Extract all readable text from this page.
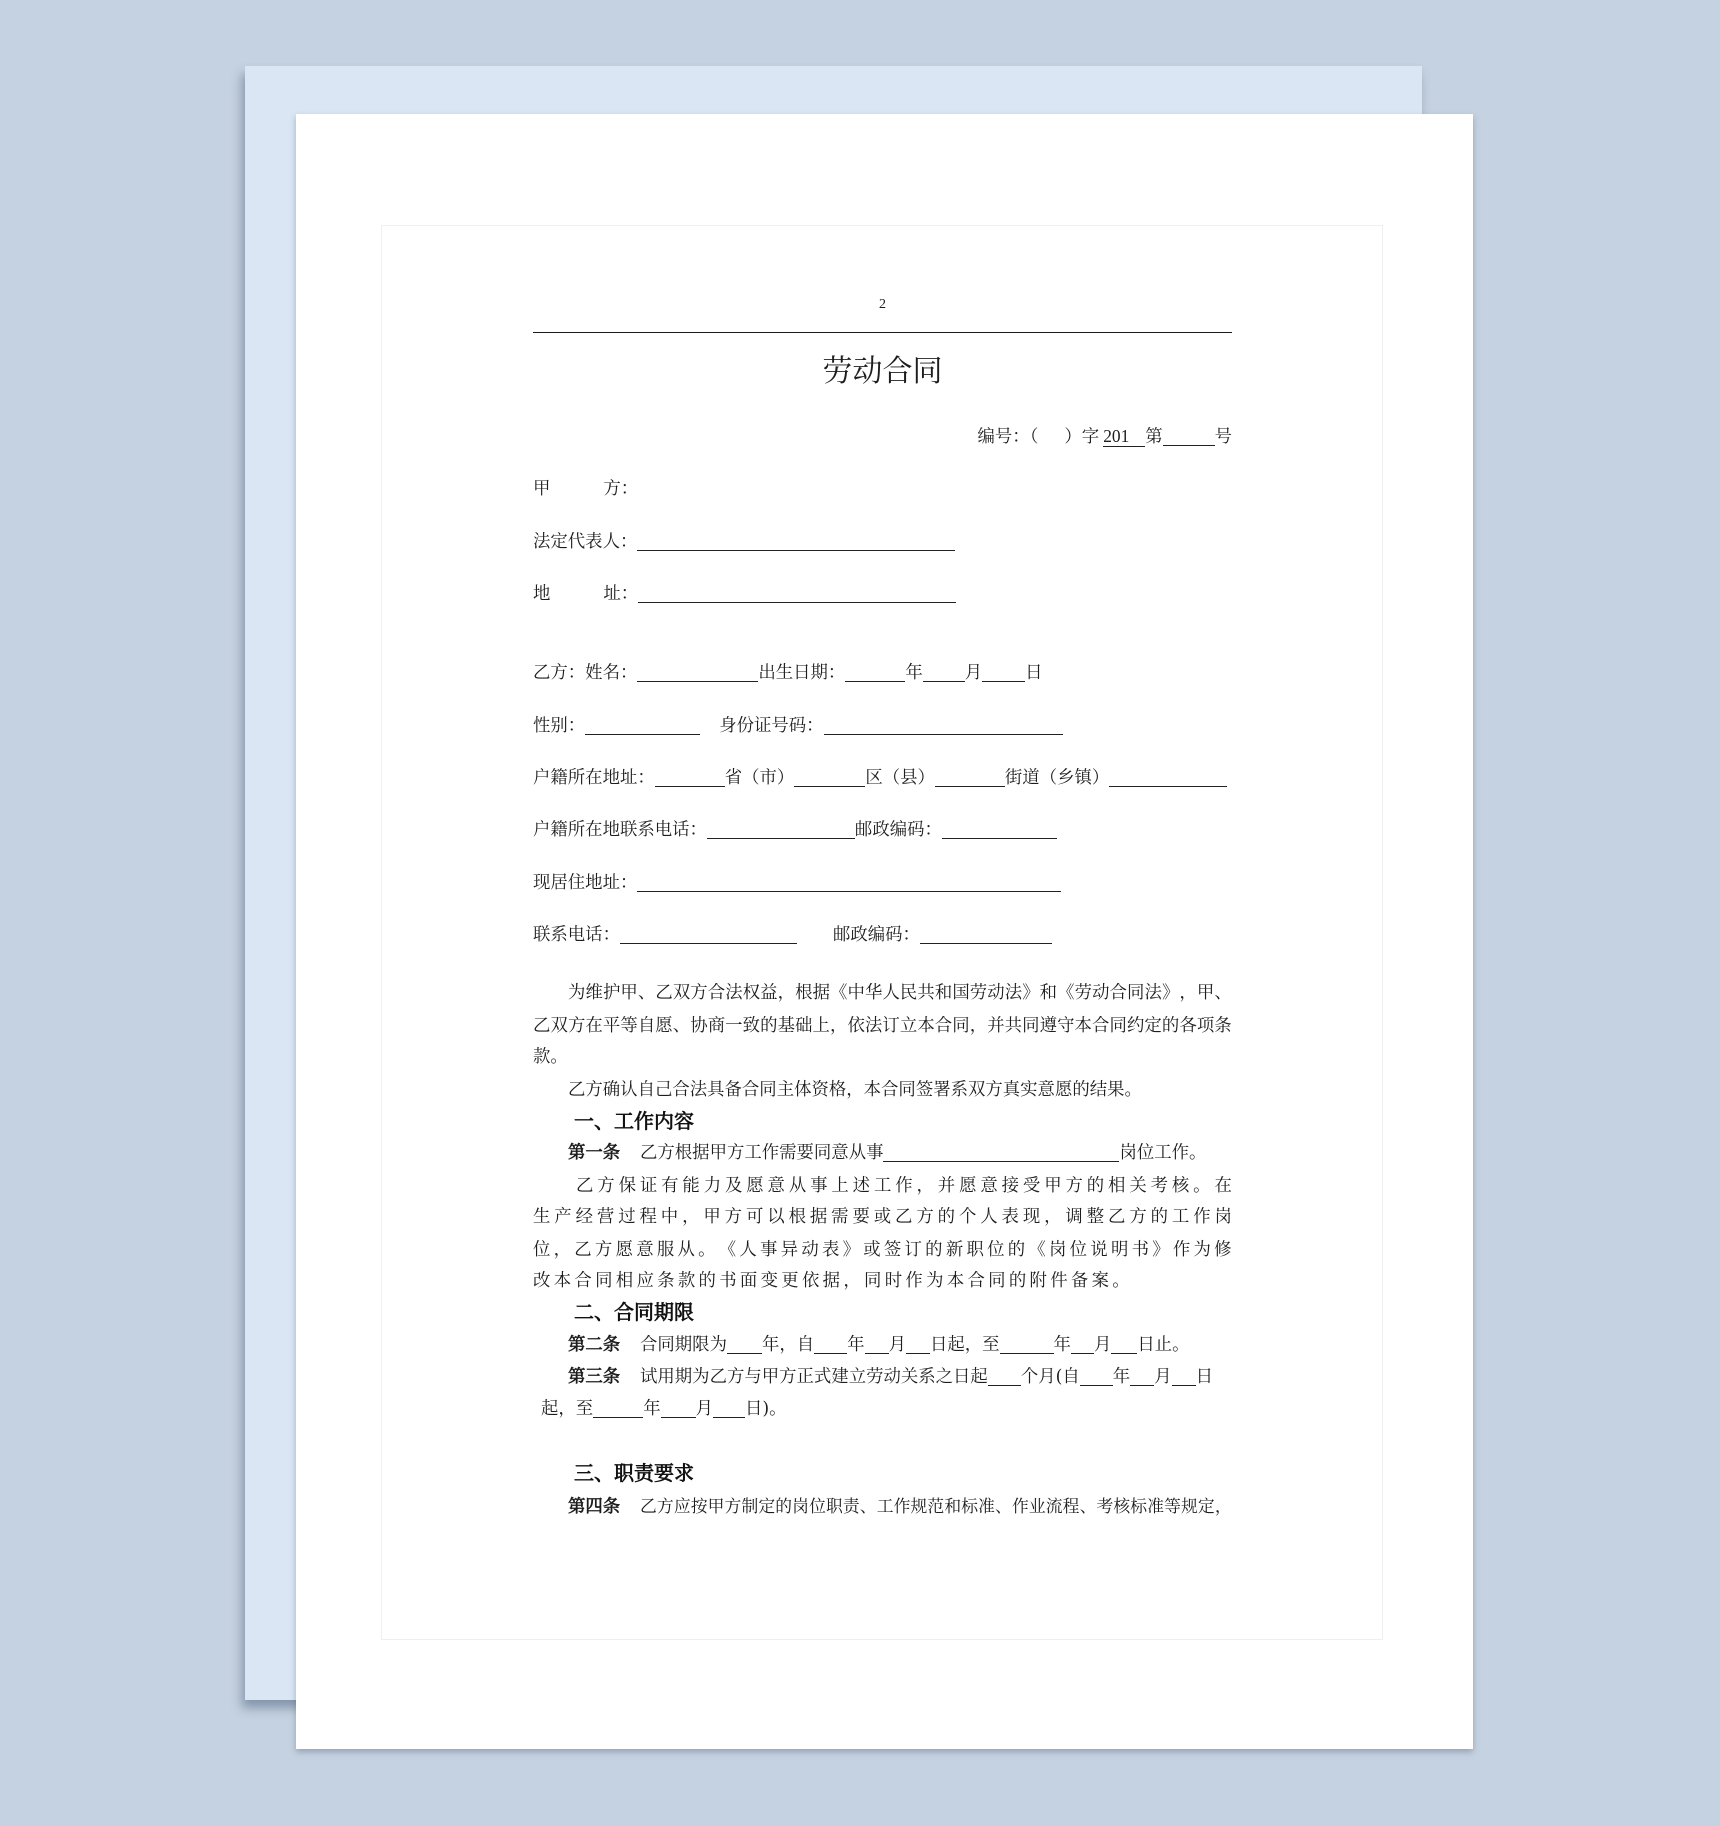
2
劳动合同
编号：（ ）字 201 第	号
甲	方：
法定代表人：
地	址：
乙方：姓名：	出生日期：	年 月 日
性别：	身份证号码：
户籍所在地址：	省（市）	区（县）	街道（乡镇）
户籍所在地联系电话：	邮政编码：
现居住地址：
联系电话：	邮政编码：
为 维 护 甲 、 乙 双 方 合 法 权 益 ， 根 据 《 中 华 人 民 共 和 国 劳 动 法 》 和 《 劳 动 合 同 法 》 ， 甲 、
乙 双 方 在 平 等 自 愿 、 协 商 一 致 的 基 础 上 ， 依 法 订 立 本 合 同 ， 并 共 同 遵 守 本 合 同 约 定 的 各 项 条
款。
乙方确认自己合法具备合同主体资格，本合同签署系双方真实意愿的结果。
一、工作内容
第一条 乙方根据甲方工作需要同意从事	岗位工作。
乙 方 保 证 有 能 力 及 愿 意 从 事 上 述 工 作 ， 并 愿 意 接 受 甲 方 的 相 关 考 核 。 在
生 产 经 营 过 程 中 ， 甲 方 可 以 根 据 需 要 或 乙 方 的 个 人 表 现 ， 调 整 乙 方 的 工 作 岗
位 ， 乙 方 愿 意 服 从 。 《 人 事 异 动 表 》 或 签 订 的 新 职 位 的 《 岗 位 说 明 书 》 作 为 修
改 本 合 同 相 应 条 款 的 书 面 变 更 依 据 ， 同 时 作 为 本 合 同 的 附 件 备 案 。
二、合同期限
第二条 合同期限为 年，自 年 月 日起，至	年 月 日止。
第三条 试用期为乙方与甲方正式建立劳动关系之日起 个月(自 年 月 日
起，至	年 月 日)。
三、职责要求
第四条	乙 方 应 按 甲 方 制 定 的 岗 位 职 责 、 工 作 规 范 和 标 准 、 作 业 流 程 、 考 核 标 准 等 规 定 ，
